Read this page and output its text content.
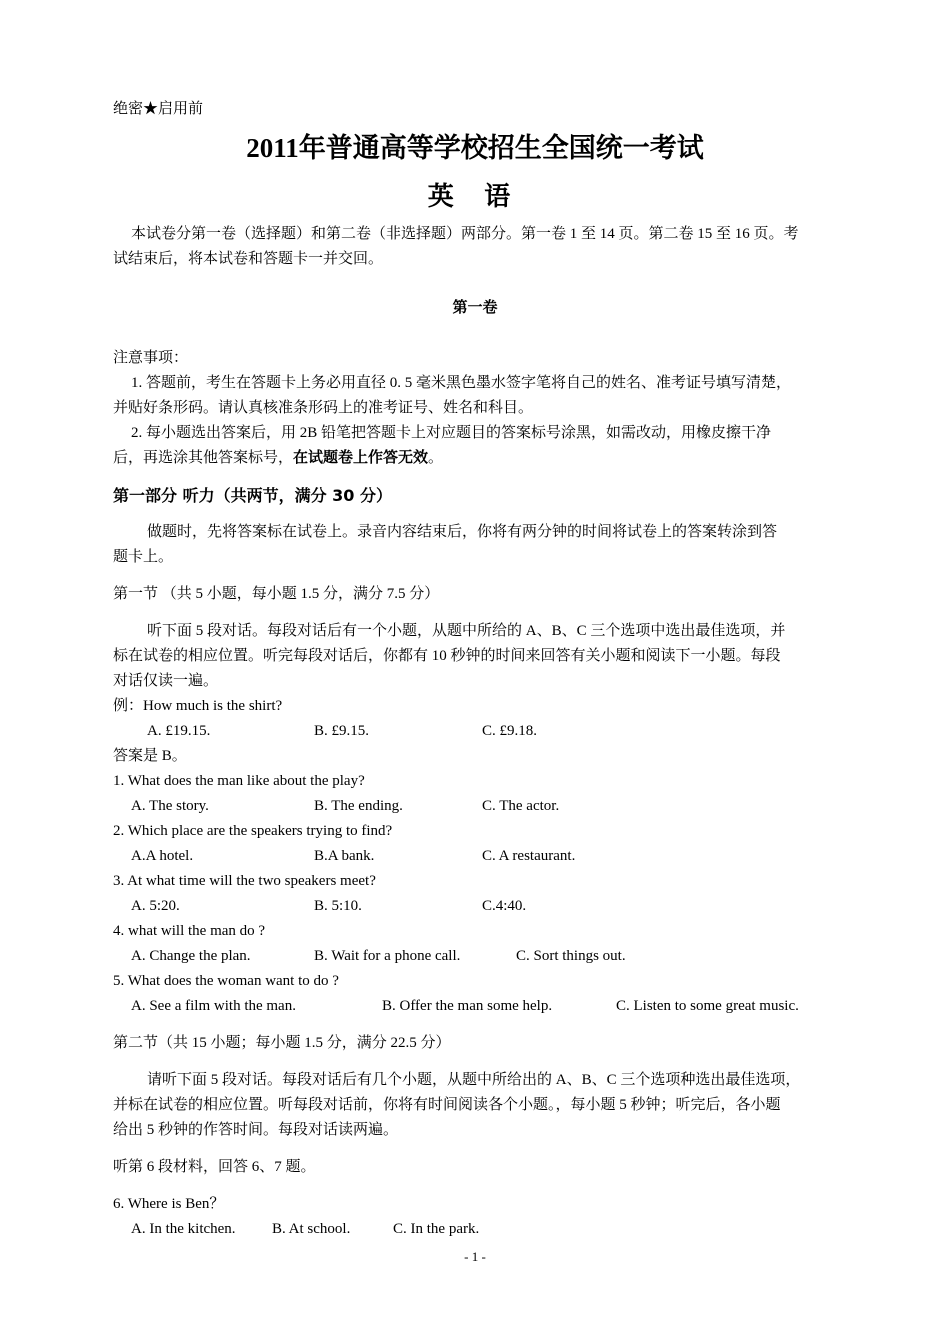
绝密★启用前
2011年普通高等学校招生全国统一考试
英 语
本试卷分第一卷（选择题）和第二卷（非选择题）两部分。第一卷 1 至 14 页。第二卷 15 至 16 页。考
试结束后，将本试卷和答题卡一并交回。
第一卷
注意事项：
1. 答题前，考生在答题卡上务必用直径 0. 5 毫米黑色墨水签字笔将自己的姓名、准考证号填写清楚，
并贴好条形码。请认真核准条形码上的准考证号、姓名和科目。
2. 每小题选出答案后，用 2B 铅笔把答题卡上对应题目的答案标号涂黑，如需改动，用橡皮擦干净
后，再选涂其他答案标号，在试题卷上作答无效。
第一部分 听力（共两节，满分 30 分）
做题时，先将答案标在试卷上。录音内容结束后，你将有两分钟的时间将试卷上的答案转涂到答
题卡上。
第一节 （共 5 小题，每小题 1.5 分，满分 7.5 分）
听下面 5 段对话。每段对话后有一个小题，从题中所给的 A、B、C 三个选项中选出最佳选项，并
标在试卷的相应位置。听完每段对话后，你都有 10 秒钟的时间来回答有关小题和阅读下一小题。每段
对话仅读一遍。
例：How much is the shirt?
A. £19.15.	B. £9.15.	C. £9.18.
答案是 B。
1. What does the man like about the play?
A. The story.	B. The ending.	C. The actor.
2. Which place are the speakers trying to find?
A.A hotel.	B.A bank.	C. A restaurant.
3. At what time will the two speakers meet?
A. 5:20.	B. 5:10.	C.4:40.
4. what will the man do ?
A. Change the plan.	B. Wait for a phone call.	C. Sort things out.
5. What does the woman want to do ?
A. See a film with the man.	B. Offer the man some help.	C. Listen to some great music.
第二节（共 15 小题；每小题 1.5 分，满分 22.5 分）
请听下面 5 段对话。每段对话后有几个小题，从题中所给出的 A、B、C 三个选项种选出最佳选项，
并标在试卷的相应位置。听每段对话前，你将有时间阅读各个小题。，每小题 5 秒钟；听完后，各小题
给出 5 秒钟的作答时间。每段对话读两遍。
听第 6 段材料，回答 6、7 题。
6. Where is Ben？
A. In the kitchen. B. At school.	C. In the park.
- 1 -
